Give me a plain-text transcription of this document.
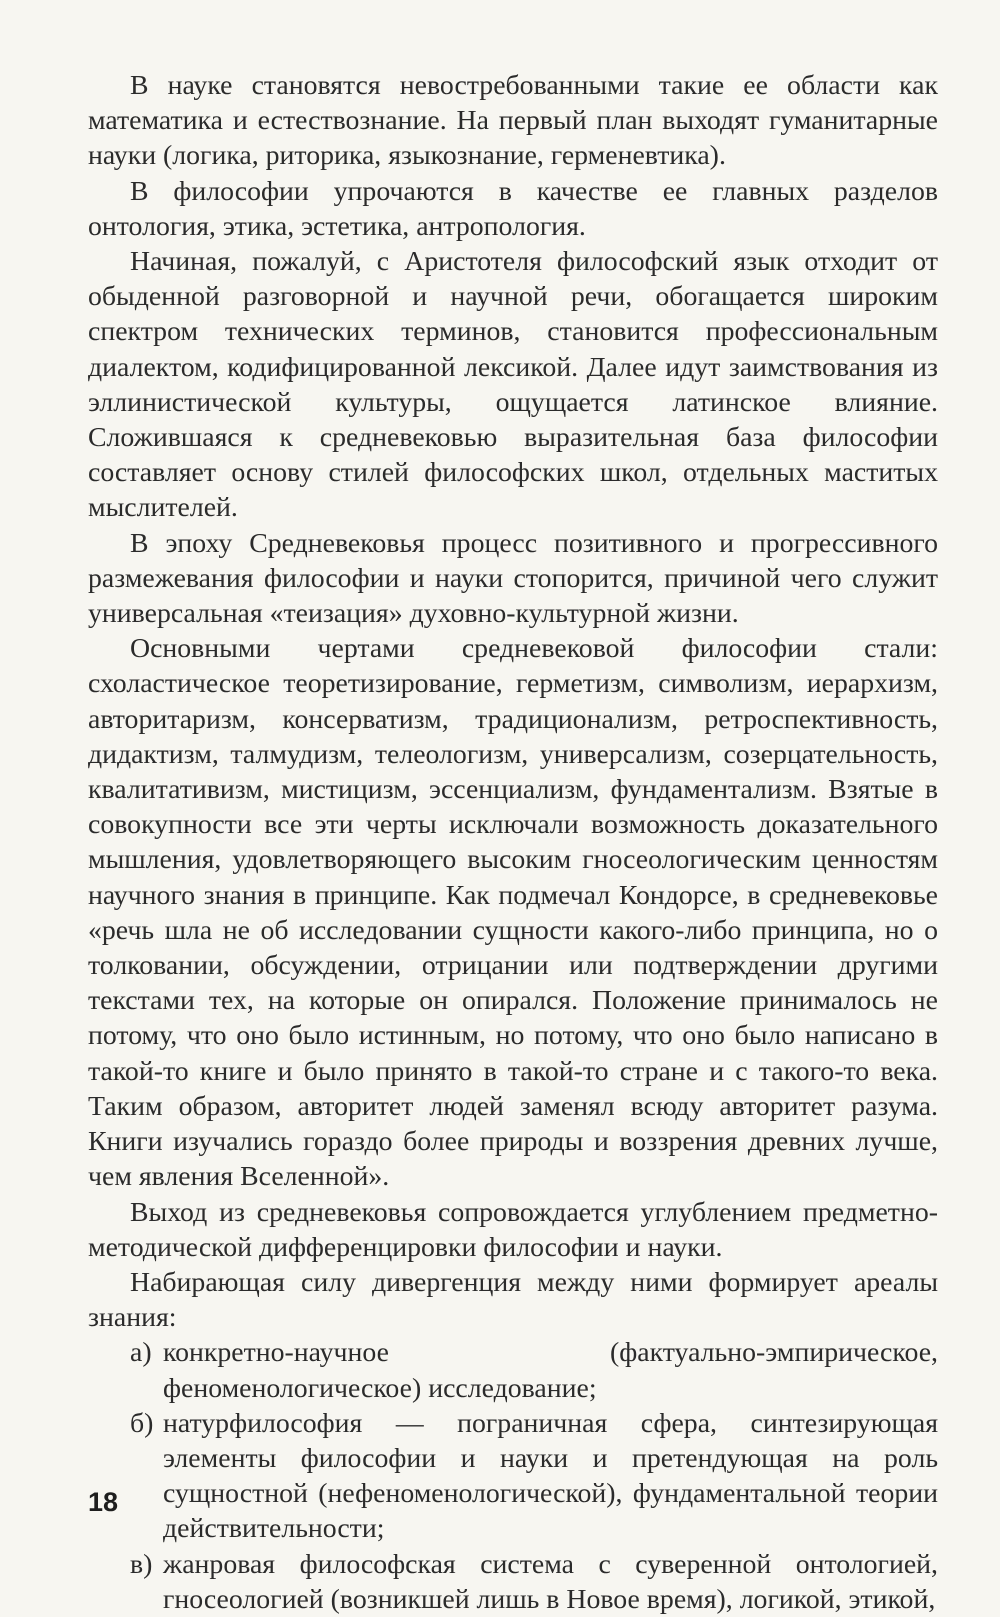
В науке становятся невостребованными такие ее области как математика и естествознание. На первый план выходят гуманитарные науки (логика, риторика, языкознание, герменевтика).

В философии упрочаются в качестве ее главных разделов онтология, этика, эстетика, антропология.

Начиная, пожалуй, с Аристотеля философский язык отходит от обыденной разговорной и научной речи, обогащается широким спектром технических терминов, становится профессиональным диалектом, кодифицированной лексикой. Далее идут заимствования из эллинистической культуры, ощущается латинское влияние. Сложившаяся к средневековью выразительная база философии составляет основу стилей философских школ, отдельных маститых мыслителей.

В эпоху Средневековья процесс позитивного и прогрессивного размежевания философии и науки стопорится, причиной чего служит универсальная «теизация» духовно-культурной жизни.

Основными чертами средневековой философии стали: схоластическое теоретизирование, герметизм, символизм, иерархизм, авторитаризм, консерватизм, традиционализм, ретроспективность, дидактизм, талмудизм, телеологизм, универсализм, созерцательность, квалитативизм, мистицизм, эссенциализм, фундаментализм. Взятые в совокупности все эти черты исключали возможность доказательного мышления, удовлетворяющего высоким гносеологическим ценностям научного знания в принципе. Как подмечал Кондорсе, в средневековье «речь шла не об исследовании сущности какого-либо принципа, но о толковании, обсуждении, отрицании или подтверждении другими текстами тех, на которые он опирался. Положение принималось не потому, что оно было истинным, но потому, что оно было написано в такой-то книге и было принято в такой-то стране и с такого-то века. Таким образом, авторитет людей заменял всюду авторитет разума. Книги изучались гораздо более природы и воззрения древних лучше, чем явления Вселенной».

Выход из средневековья сопровождается углублением предметно-методической дифференцировки философии и науки.

Набирающая силу дивергенция между ними формирует ареалы знания:

а) конкретно-научное (фактуально-эмпирическое, феноменологическое) исследование;
б) натурфилософия — пограничная сфера, синтезирующая элементы философии и науки и претендующая на роль сущностной (нефеноменологической), фундаментальной теории действительности;
в) жанровая философская система с суверенной онтологией, гносеологией (возникшей лишь в Новое время), логикой, этикой,
18
